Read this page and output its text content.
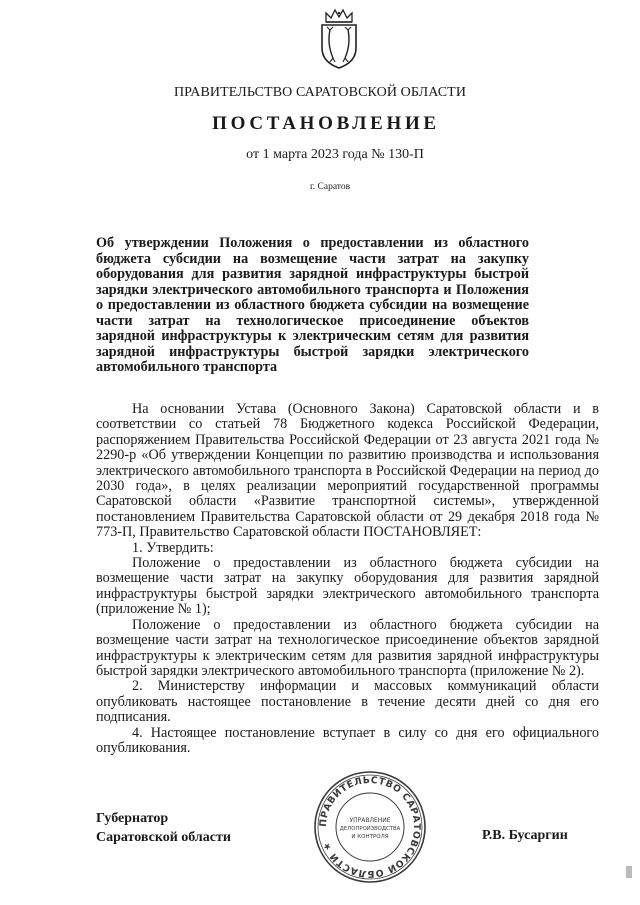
ПРАВИТЕЛЬСТВО САРАТОВСКОЙ ОБЛАСТИ
ПОСТАНОВЛЕНИЕ
от 1 марта 2023 года № 130-П
г. Саратов

Об утверждении Положения о предоставлении из областного бюджета субсидии на возмещение части затрат на закупку оборудования для развития зарядной инфраструктуры быстрой зарядки электрического автомобильного транспорта и Положения о предоставлении из областного бюджета субсидии на возмещение части затрат на технологическое присоединение объектов зарядной инфраструктуры к электрическим сетям для развития зарядной инфраструктуры быстрой зарядки электрического автомобильного транспорта

На основании Устава (Основного Закона) Саратовской области и в соответствии со статьей 78 Бюджетного кодекса Российской Федерации, распоряжением Правительства Российской Федерации от 23 августа 2021 года № 2290-р «Об утверждении Концепции по развитию производства и использования электрического автомобильного транспорта в Российской Федерации на период до 2030 года», в целях реализации мероприятий государственной программы Саратовской области «Развитие транспортной системы», утвержденной постановлением Правительства Саратовской области от 29 декабря 2018 года № 773-П, Правительство Саратовской области ПОСТАНОВЛЯЕТ:

1. Утвердить:

Положение о предоставлении из областного бюджета субсидии на возмещение части затрат на закупку оборудования для развития зарядной инфраструктуры быстрой зарядки электрического автомобильного транспорта (приложение № 1);

Положение о предоставлении из областного бюджета субсидии на возмещение части затрат на технологическое присоединение объектов зарядной инфраструктуры к электрическим сетям для развития зарядной инфраструктуры быстрой зарядки электрического автомобильного транспорта (приложение № 2).

2. Министерству информации и массовых коммуникаций области опубликовать настоящее постановление в течение десяти дней со дня его подписания.

4. Настоящее постановление вступает в силу со дня его официального опубликования.

Губернатор
Саратовской области	Р.В. Бусаргин
ПРАВИТЕЛЬСТВО САРАТОВСКОЙ ОБЛАСТИ ★
УПРАВЛЕНИЕ
ДЕЛОПРОИЗВОДСТВА
И КОНТРОЛЯ
